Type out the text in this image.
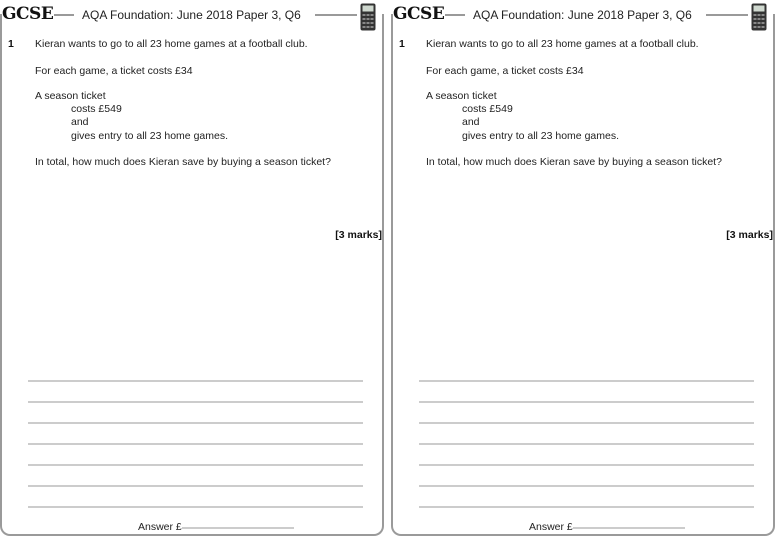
GCSE	AQA Foundation: June 2018 Paper 3, Q6
1 Kieran wants to go to all 23 home games at a football club.
For each game, a ticket costs £34
A season ticket
costs £549
and
gives entry to all 23 home games.
In total, how much does Kieran save by buying a season ticket?
[3 marks]
Answer £
GCSE	AQA Foundation: June 2018 Paper 3, Q6
1 Kieran wants to go to all 23 home games at a football club.
For each game, a ticket costs £34
A season ticket
costs £549
and
gives entry to all 23 home games.
In total, how much does Kieran save by buying a season ticket?
[3 marks]
Answer £
